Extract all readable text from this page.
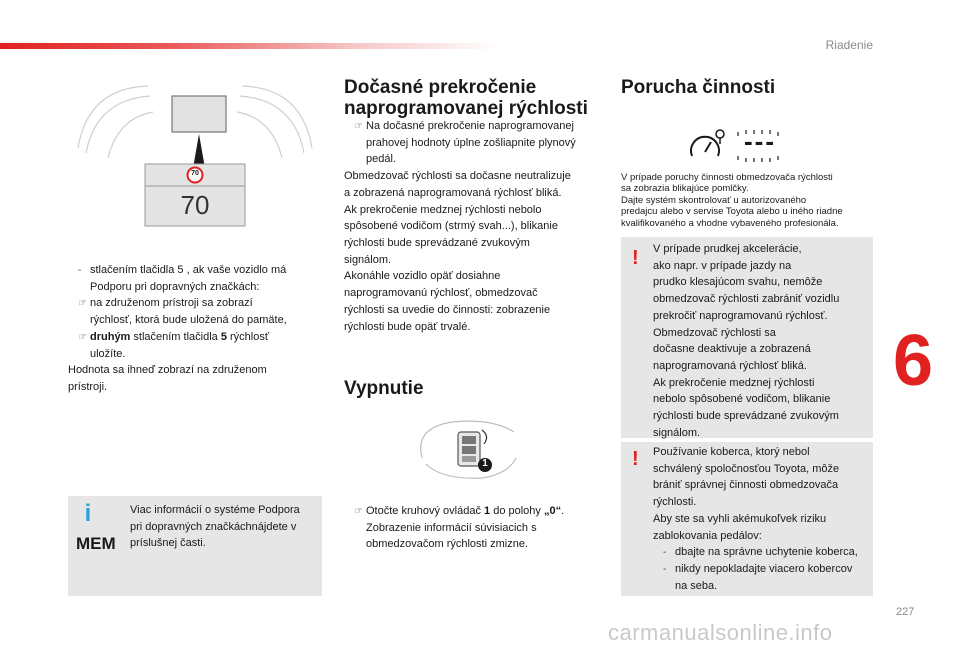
Riadenie
70
70
- stlačením tlačidla 5 , ak vaše vozidlo má
Podporu pri dopravných značkách:
☞ na združenom prístroji sa zobrazí
rýchlosť, ktorá bude uložená do pamäte,
☞ druhým stlačením tlačidla 5 rýchlosť
uložíte.
Hodnota sa ihneď zobrazí na združenom
prístroji.
i
MEM
Viac informácií o systéme Podpora
pri dopravných značkáchnájdete v
príslušnej časti.
Dočasné prekročenie
naprogramovanej rýchlosti
☞ Na dočasné prekročenie naprogramovanej
prahovej hodnoty úplne zošliapnite plynový
pedál.
Obmedzovač rýchlosti sa dočasne neutralizuje
a zobrazená naprogramovaná rýchlosť bliká.
Ak prekročenie medznej rýchlosti nebolo
spôsobené vodičom (strmý svah...), blikanie
rýchlosti bude sprevádzané zvukovým
signálom.
Akonáhle vozidlo opäť dosiahne
naprogramovanú rýchlosť, obmedzovač
rýchlosti sa uvedie do činnosti: zobrazenie
rýchlosti bude opäť trvalé.
Vypnutie
1
☞ Otočte kruhový ovládač 1 do polohy „0“.
Zobrazenie informácií súvisiacich s
obmedzovačom rýchlosti zmizne.
Porucha činnosti
---
V prípade poruchy činnosti obmedzovača rýchlosti
sa zobrazia blikajúce pomlčky.
Dajte systém skontrolovať u autorizovaného
predajcu alebo v servise Toyota alebo u iného riadne
kvalifikovaného a vhodne vybaveného profesionála.
! V prípade prudkej akcelerácie,
ako napr. v prípade jazdy na
prudko klesajúcom svahu, nemôže
obmedzovač rýchlosti zabrániť vozidlu
prekročiť naprogramovanú rýchlosť.
Obmedzovač rýchlosti sa
dočasne deaktivuje a zobrazená
naprogramovaná rýchlosť bliká.
Ak prekročenie medznej rýchlosti
nebolo spôsobené vodičom, blikanie
rýchlosti bude sprevádzané zvukovým
signálom.
! Používanie koberca, ktorý nebol
schválený spoločnosťou Toyota, môže
brániť správnej činnosti obmedzovača
rýchlosti.
Aby ste sa vyhli akémukoľvek riziku
zablokovania pedálov:
- dbajte na správne uchytenie koberca,
- nikdy nepokladajte viacero kobercov
na seba.
6
227
carmanualsonline.info
